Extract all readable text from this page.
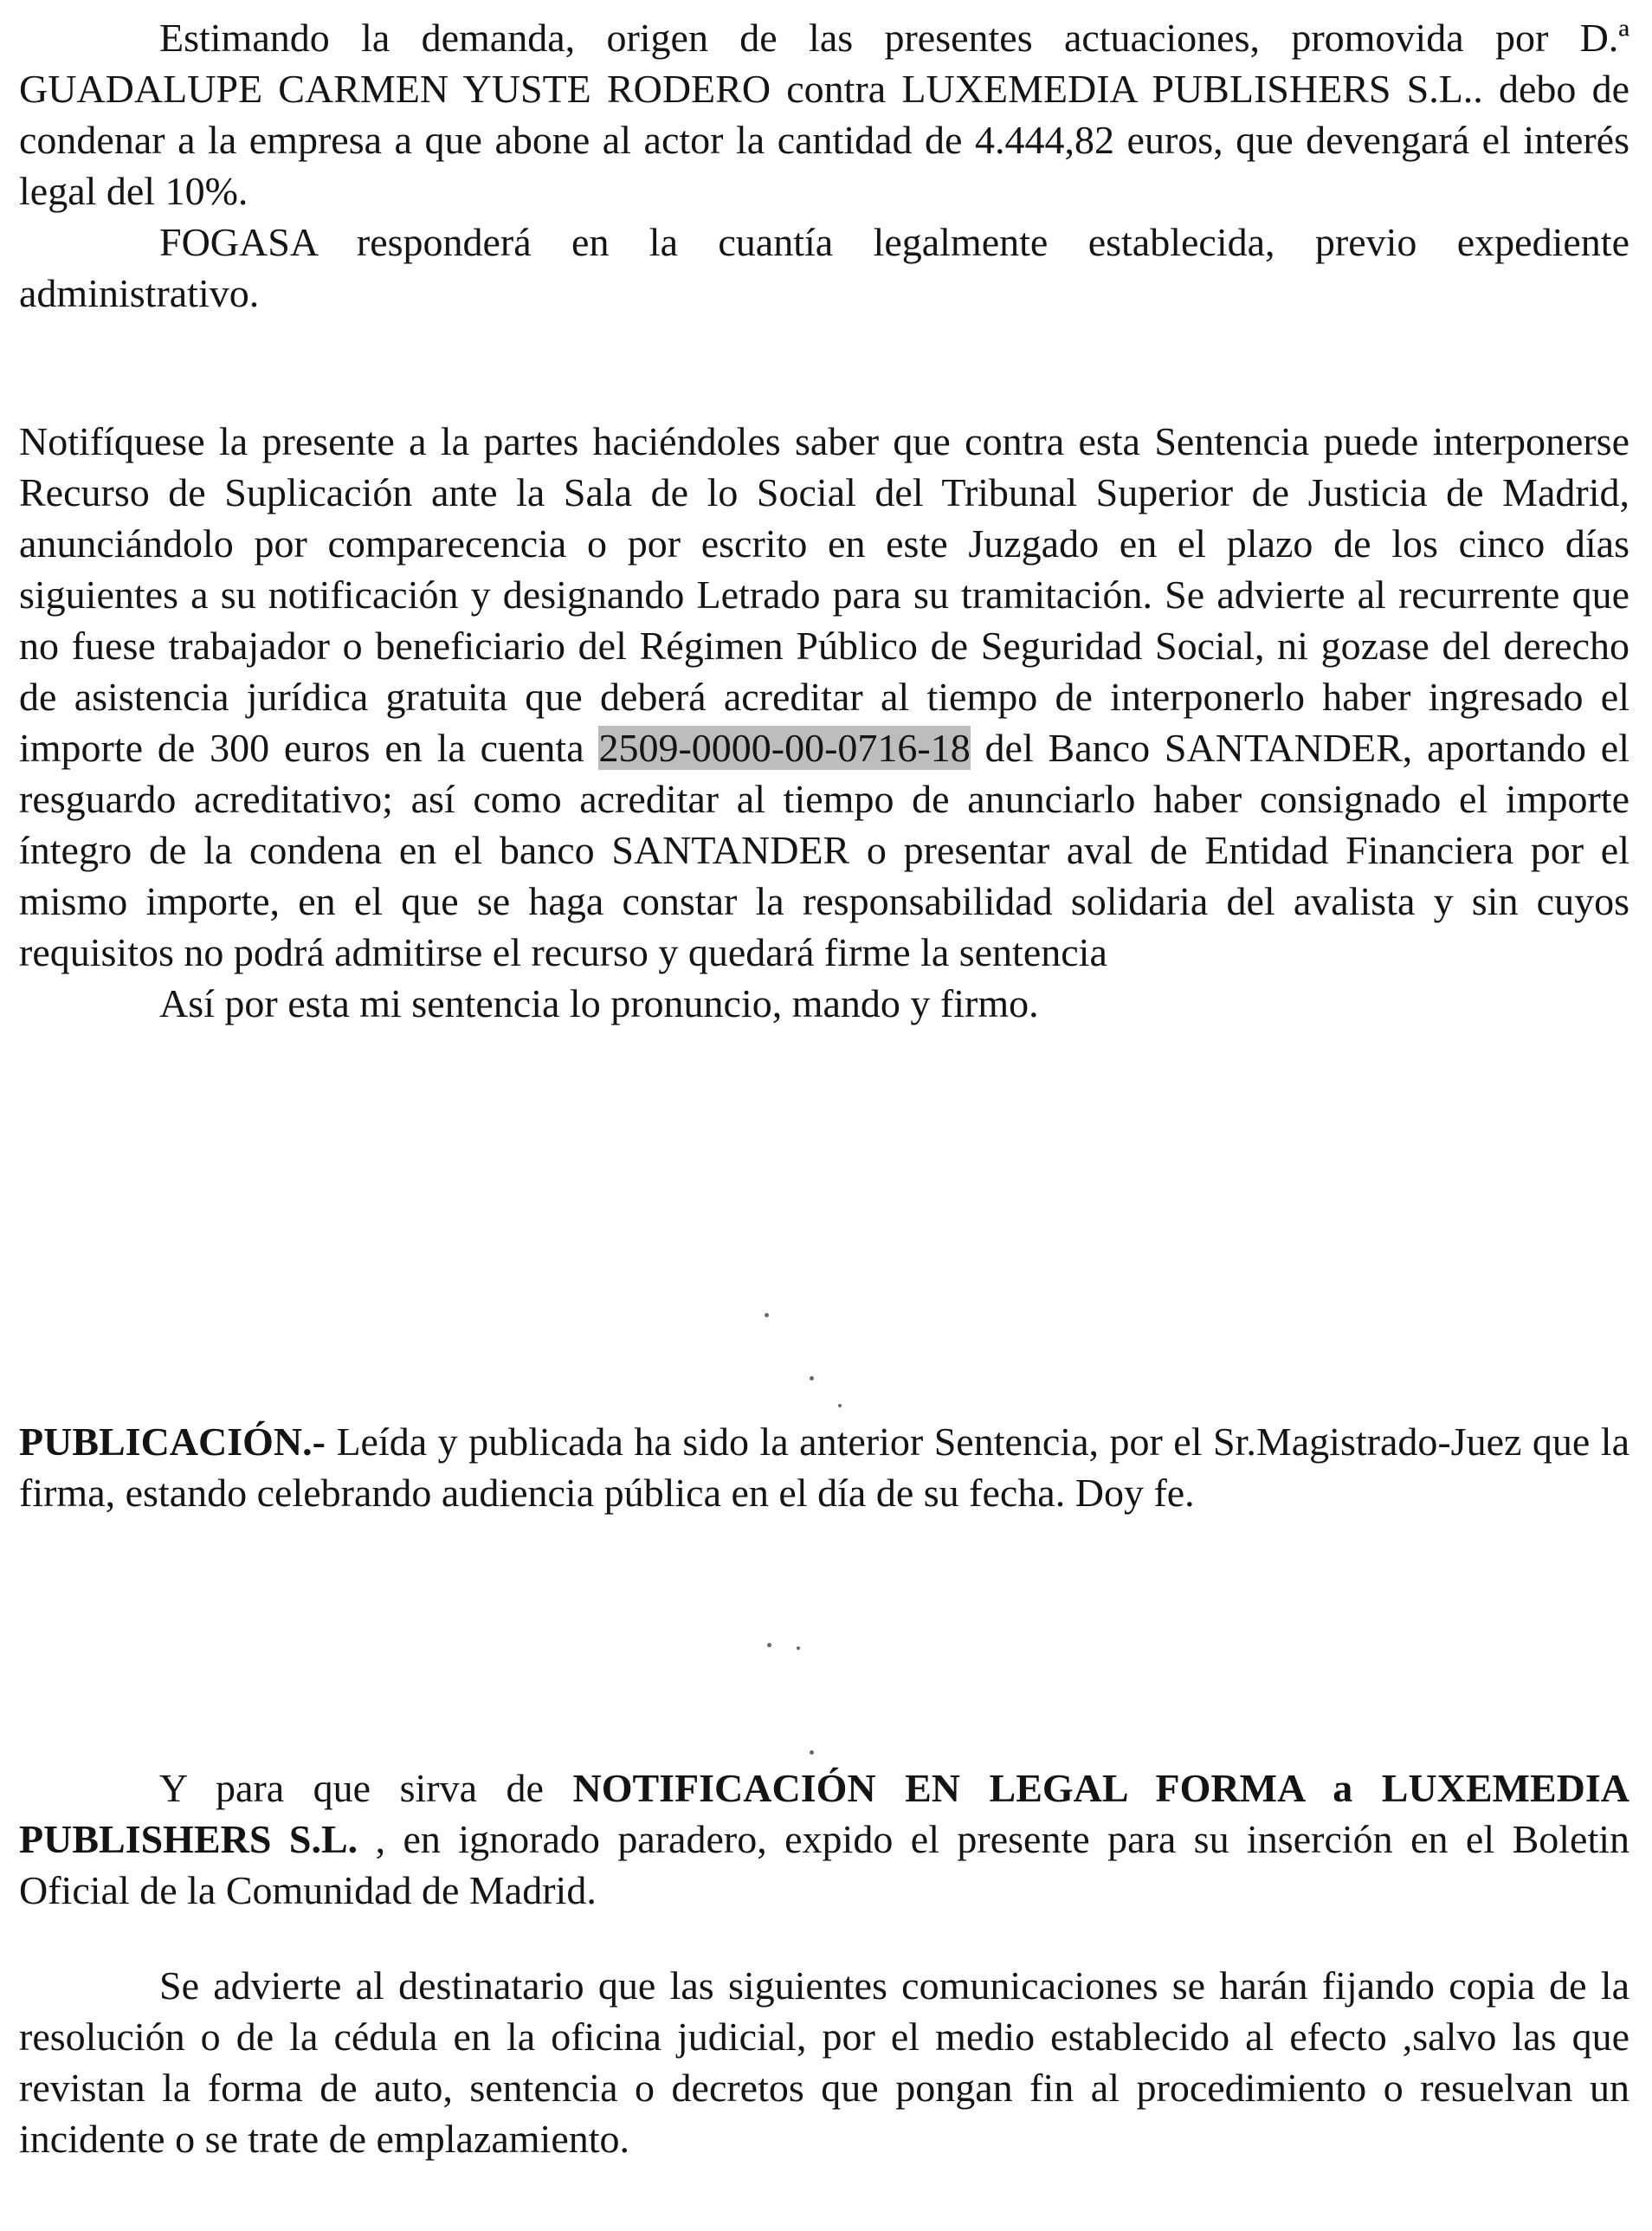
Estimando la demanda, origen de las presentes actuaciones, promovida por D.ª GUADALUPE CARMEN YUSTE RODERO contra LUXEMEDIA PUBLISHERS S.L.. debo de condenar a la empresa a que abone al actor la cantidad de 4.444,82 euros, que devengará el interés legal del 10%.

FOGASA responderá en la cuantía legalmente establecida, previo expediente administrativo.

Notifíquese la presente a la partes haciéndoles saber que contra esta Sentencia puede interponerse Recurso de Suplicación ante la Sala de lo Social del Tribunal Superior de Justicia de Madrid, anunciándolo por comparecencia o por escrito en este Juzgado en el plazo de los cinco días siguientes a su notificación y designando Letrado para su tramitación. Se advierte al recurrente que no fuese trabajador o beneficiario del Régimen Público de Seguridad Social, ni gozase del derecho de asistencia jurídica gratuita que deberá acreditar al tiempo de interponerlo haber ingresado el importe de 300 euros en la cuenta 2509-0000-00-0716-18 del Banco SANTANDER, aportando el resguardo acreditativo; así como acreditar al tiempo de anunciarlo haber consignado el importe íntegro de la condena en el banco SANTANDER o presentar aval de Entidad Financiera por el mismo importe, en el que se haga constar la responsabilidad solidaria del avalista y sin cuyos requisitos no podrá admitirse el recurso y quedará firme la sentencia

Así por esta mi sentencia lo pronuncio, mando y firmo.

PUBLICACIÓN.- Leída y publicada ha sido la anterior Sentencia, por el Sr.Magistrado-Juez que la firma, estando celebrando audiencia pública en el día de su fecha. Doy fe.

Y para que sirva de NOTIFICACIÓN EN LEGAL FORMA a LUXEMEDIA PUBLISHERS S.L. , en ignorado paradero, expido el presente para su inserción en el Boletin Oficial de la Comunidad de Madrid.

Se advierte al destinatario que las siguientes comunicaciones se harán fijando copia de la resolución o de la cédula en la oficina judicial, por el medio establecido al efecto ,salvo las que revistan la forma de auto, sentencia o decretos que pongan fin al procedimiento o resuelvan un incidente o se trate de emplazamiento.
